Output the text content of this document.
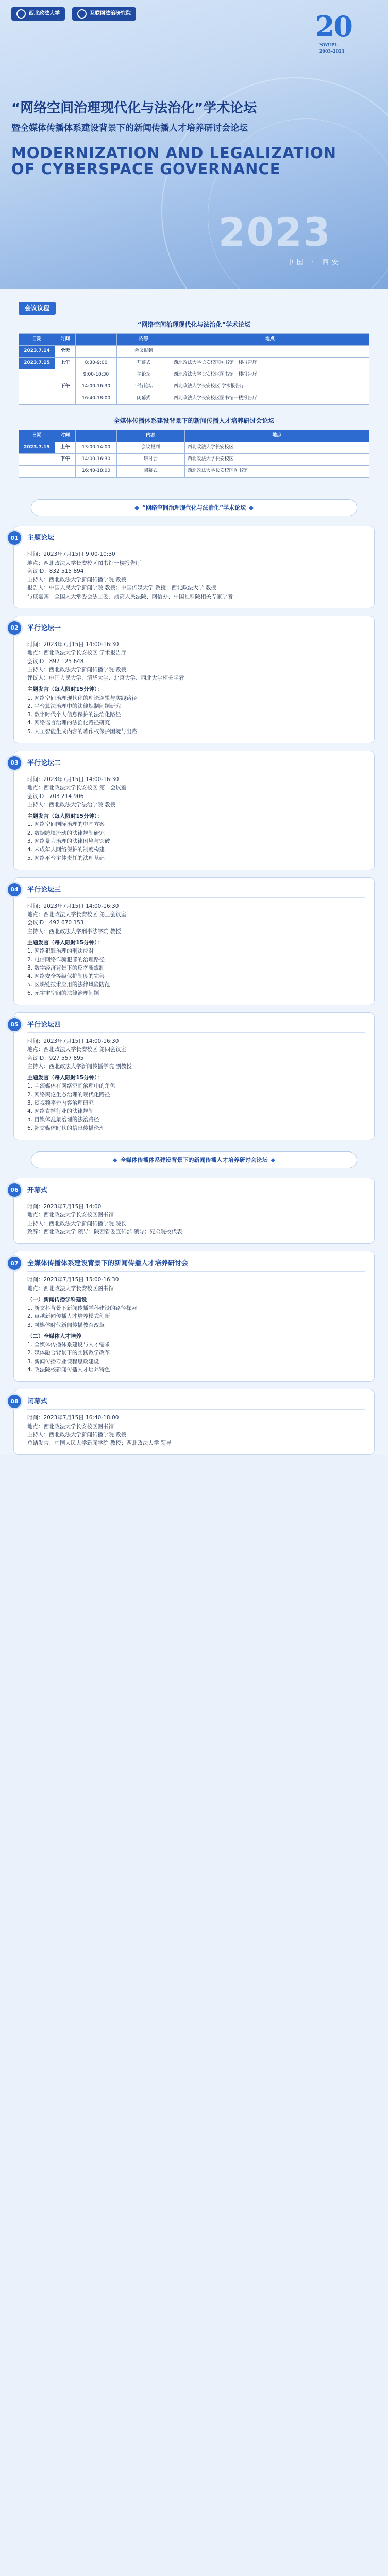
西北政法大学	互联网法治研究院	20
NWUPL 2003–2023
“网络空间治理现代化与法治化”学术论坛
暨全媒体传播体系建设背景下的新闻传播人才培养研讨会论坛
MODERNIZATION AND LEGALIZATION OF CYBERSPACE GOVERNANCE
2023
中国 · 西安
会议议程
“网络空间治理现代化与法治化”学术论坛
日期	时间		内容	地点
2023.7.14	全天		会议报到	
2023.7.15	上午	8:30-9:00	开幕式	西北政法大学长安校区图书馆一楼报告厅
		9:00-10:30	主论坛	西北政法大学长安校区图书馆一楼报告厅
	下午	14:00-16:30	平行论坛	西北政法大学长安校区 学术报告厅
		16:40-18:00	闭幕式	西北政法大学长安校区图书馆一楼报告厅
全媒体传播体系建设背景下的新闻传播人才培养研讨会论坛
日期	时间		内容	地点
2023.7.15	上午	13:00-14:00	会议报到	西北政法大学长安校区
	下午	14:00-16:30	研讨会	西北政法大学长安校区
		16:40-18:00	闭幕式	西北政法大学长安校区图书馆
◆ “网络空间治理现代化与法治化”学术论坛 ◆
01	主题论坛

时间：2023年7月15日 9:00-10:30

地点：西北政法大学长安校区图书馆一楼报告厅

会议ID：832 515 894

主持人：西北政法大学新闻传播学院 教授

报告人：中国人民大学新闻学院 教授；中国传媒大学 教授；西北政法大学 教授

与谈嘉宾：全国人大常委会法工委、最高人民法院、网信办、中国社科院相关专家学者

02	平行论坛一

时间：2023年7月15日 14:00-16:30

地点：西北政法大学长安校区 学术报告厅

会议ID：897 125 648

主持人：西北政法大学新闻传播学院 教授

评议人：中国人民大学、清华大学、北京大学、西北大学相关学者

主题发言（每人限时15分钟）：

1. 网络空间治理现代化的理论逻辑与实践路径

2. 平台算法治理中的法律规制问题研究

3. 数字时代个人信息保护的法治化路径

4. 网络谣言治理的法治化路径研究

5. 人工智能生成内容的著作权保护困境与出路

03	平行论坛二

时间：2023年7月15日 14:00-16:30

地点：西北政法大学长安校区 第二会议室

会议ID：703 214 906

主持人：西北政法大学法治学院 教授

主题发言（每人限时15分钟）：

1. 网络空间国际治理的中国方案

2. 数据跨境流动的法律规制研究

3. 网络暴力治理的法律困境与突破

4. 未成年人网络保护的制度构建

5. 网络平台主体责任的法理基础

04	平行论坛三

时间：2023年7月15日 14:00-16:30

地点：西北政法大学长安校区 第三会议室

会议ID：492 670 153

主持人：西北政法大学刑事法学院 教授

主题发言（每人限时15分钟）：

1. 网络犯罪治理的刑法应对

2. 电信网络诈骗犯罪的治理路径

3. 数字经济背景下的反垄断规制

4. 网络安全等级保护制度的完善

5. 区块链技术应用的法律风险防范

6. 元宇宙空间的法律治理问题

05	平行论坛四

时间：2023年7月15日 14:00-16:30

地点：西北政法大学长安校区 第四会议室

会议ID：927 557 895

主持人：西北政法大学新闻传播学院 副教授

主题发言（每人限时15分钟）：

1. 主流媒体在网络空间治理中的角色

2. 网络舆论生态治理的现代化路径

3. 短视频平台内容治理研究

4. 网络直播行业的法律规制

5. 自媒体乱象治理的法治路径

6. 社交媒体时代的信息传播伦理

◆ 全媒体传播体系建设背景下的新闻传播人才培养研讨会论坛 ◆
06	开幕式

时间：2023年7月15日 14:00

地点：西北政法大学长安校区图书馆

主持人：西北政法大学新闻传播学院 院长

致辞：西北政法大学 领导；陕西省委宣传部 领导；兄弟院校代表

07	全媒体传播体系建设背景下的新闻传播人才培养研讨会

时间：2023年7月15日 15:00-16:30

地点：西北政法大学长安校区图书馆

（一）新闻传播学科建设

1. 新文科背景下新闻传播学科建设的路径探索

2. 卓越新闻传播人才培养模式创新

3. 融媒体时代新闻传播教育改革

（二）全媒体人才培养

1. 全媒体传播体系建设与人才需求

2. 媒体融合背景下的实践教学改革

3. 新闻传播专业课程思政建设

4. 政法院校新闻传播人才培养特色

08	闭幕式

时间：2023年7月15日 16:40-18:00

地点：西北政法大学长安校区图书馆

主持人：西北政法大学新闻传播学院 教授

总结发言：中国人民大学新闻学院 教授；西北政法大学 领导
